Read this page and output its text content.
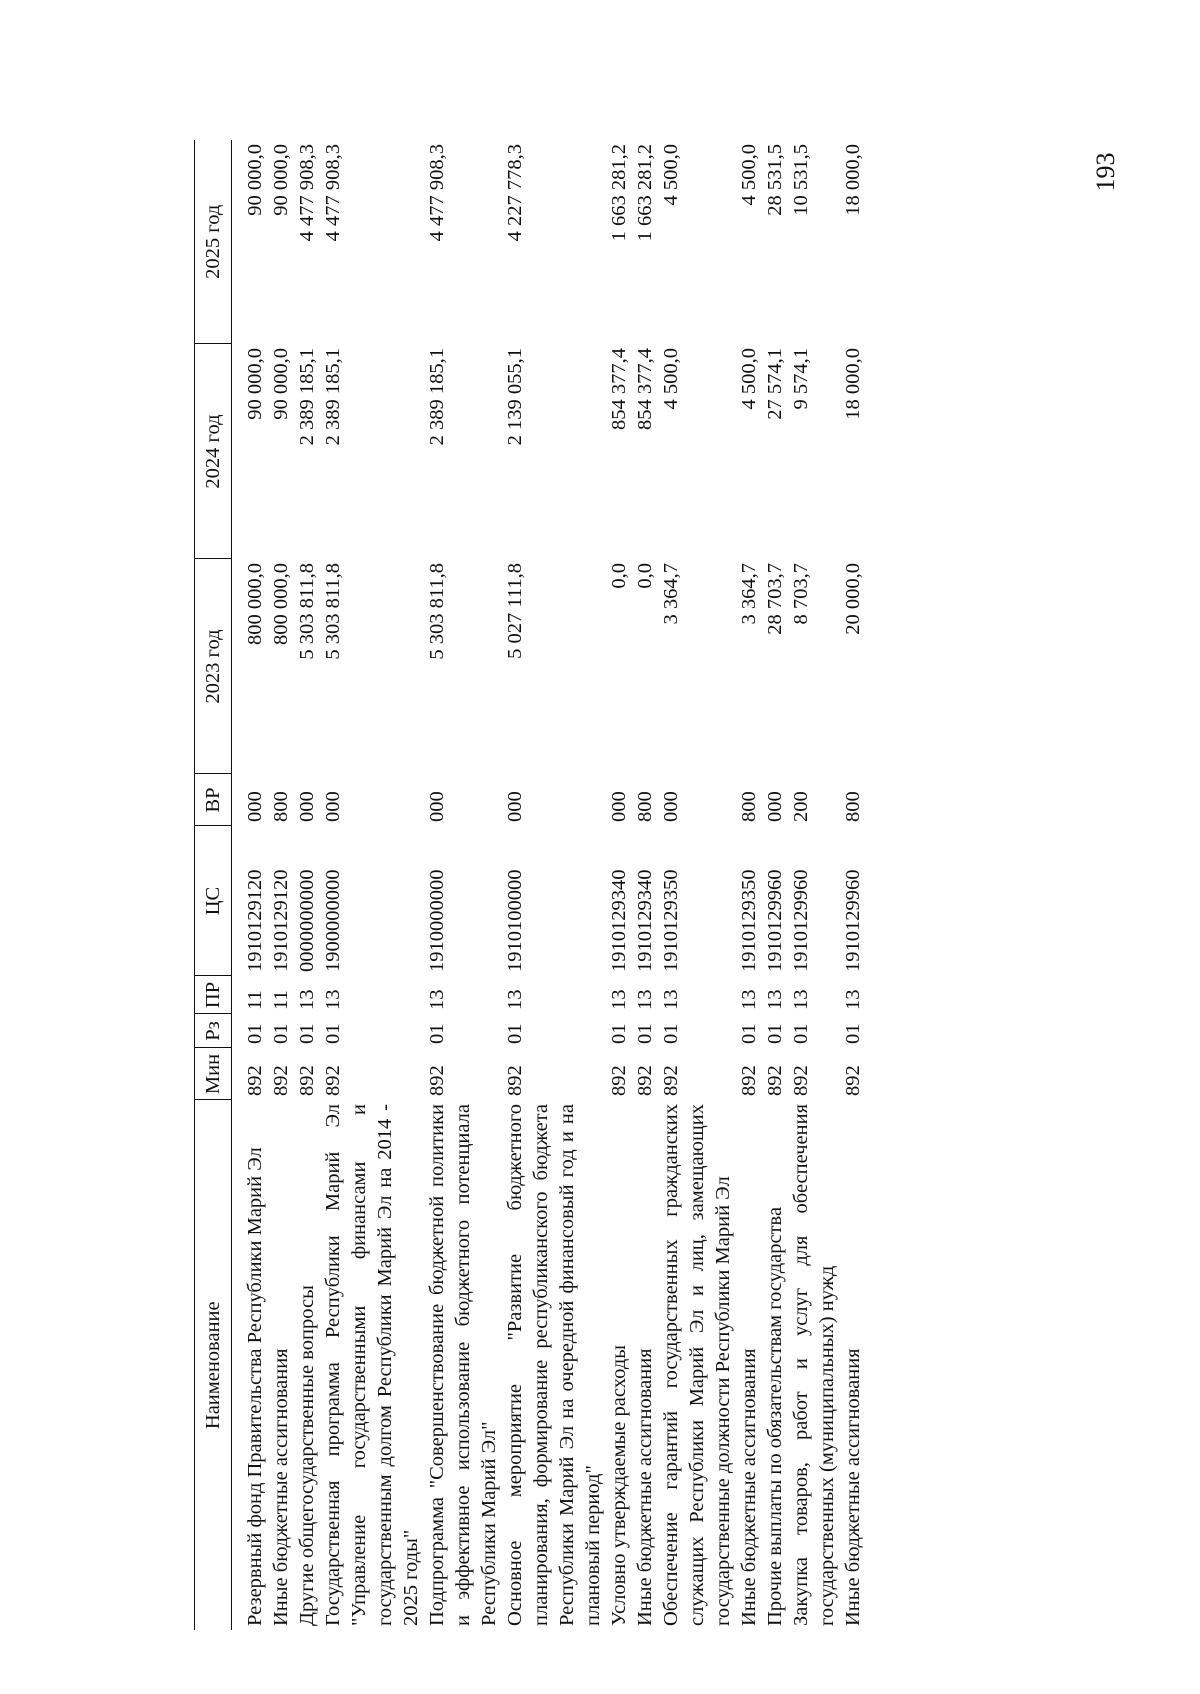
193
Наименование	Мин	Рз	ПР	ЦС	ВР	2023 год	2024 год	2025 год
Резервный фонд Правительства Республики Марий Эл	892	01	11	1910129120	000	800 000,0	90 000,0	90 000,0
Иные бюджетные ассигнования	892	01	11	1910129120	800	800 000,0	90 000,0	90 000,0
Другие общегосударственные вопросы	892	01	13	0000000000	000	5 303 811,8	2 389 185,1	4 477 908,3
Государственная программа Республики Марий Эл "Управление государственными финансами и государственным долгом Республики Марий Эл на 2014 - 2025 годы"	892	01	13	1900000000	000	5 303 811,8	2 389 185,1	4 477 908,3
Подпрограмма "Совершенствование бюджетной политики и эффективное использование бюджетного потенциала Республики Марий Эл"	892	01	13	1910000000	000	5 303 811,8	2 389 185,1	4 477 908,3
Основное мероприятие "Развитие бюджетного планирования, формирование республиканского бюджета Республики Марий Эл на очередной финансовый год и на плановый период"	892	01	13	1910100000	000	5 027 111,8	2 139 055,1	4 227 778,3
Условно утверждаемые расходы	892	01	13	1910129340	000	0,0	854 377,4	1 663 281,2
Иные бюджетные ассигнования	892	01	13	1910129340	800	0,0	854 377,4	1 663 281,2
Обеспечение гарантий государственных гражданских служащих Республики Марий Эл и лиц, замещающих государственные должности Республики Марий Эл	892	01	13	1910129350	000	3 364,7	4 500,0	4 500,0
Иные бюджетные ассигнования	892	01	13	1910129350	800	3 364,7	4 500,0	4 500,0
Прочие выплаты по обязательствам государства	892	01	13	1910129960	000	28 703,7	27 574,1	28 531,5
Закупка товаров, работ и услуг для обеспечения государственных (муниципальных) нужд	892	01	13	1910129960	200	8 703,7	9 574,1	10 531,5
Иные бюджетные ассигнования	892	01	13	1910129960	800	20 000,0	18 000,0	18 000,0
